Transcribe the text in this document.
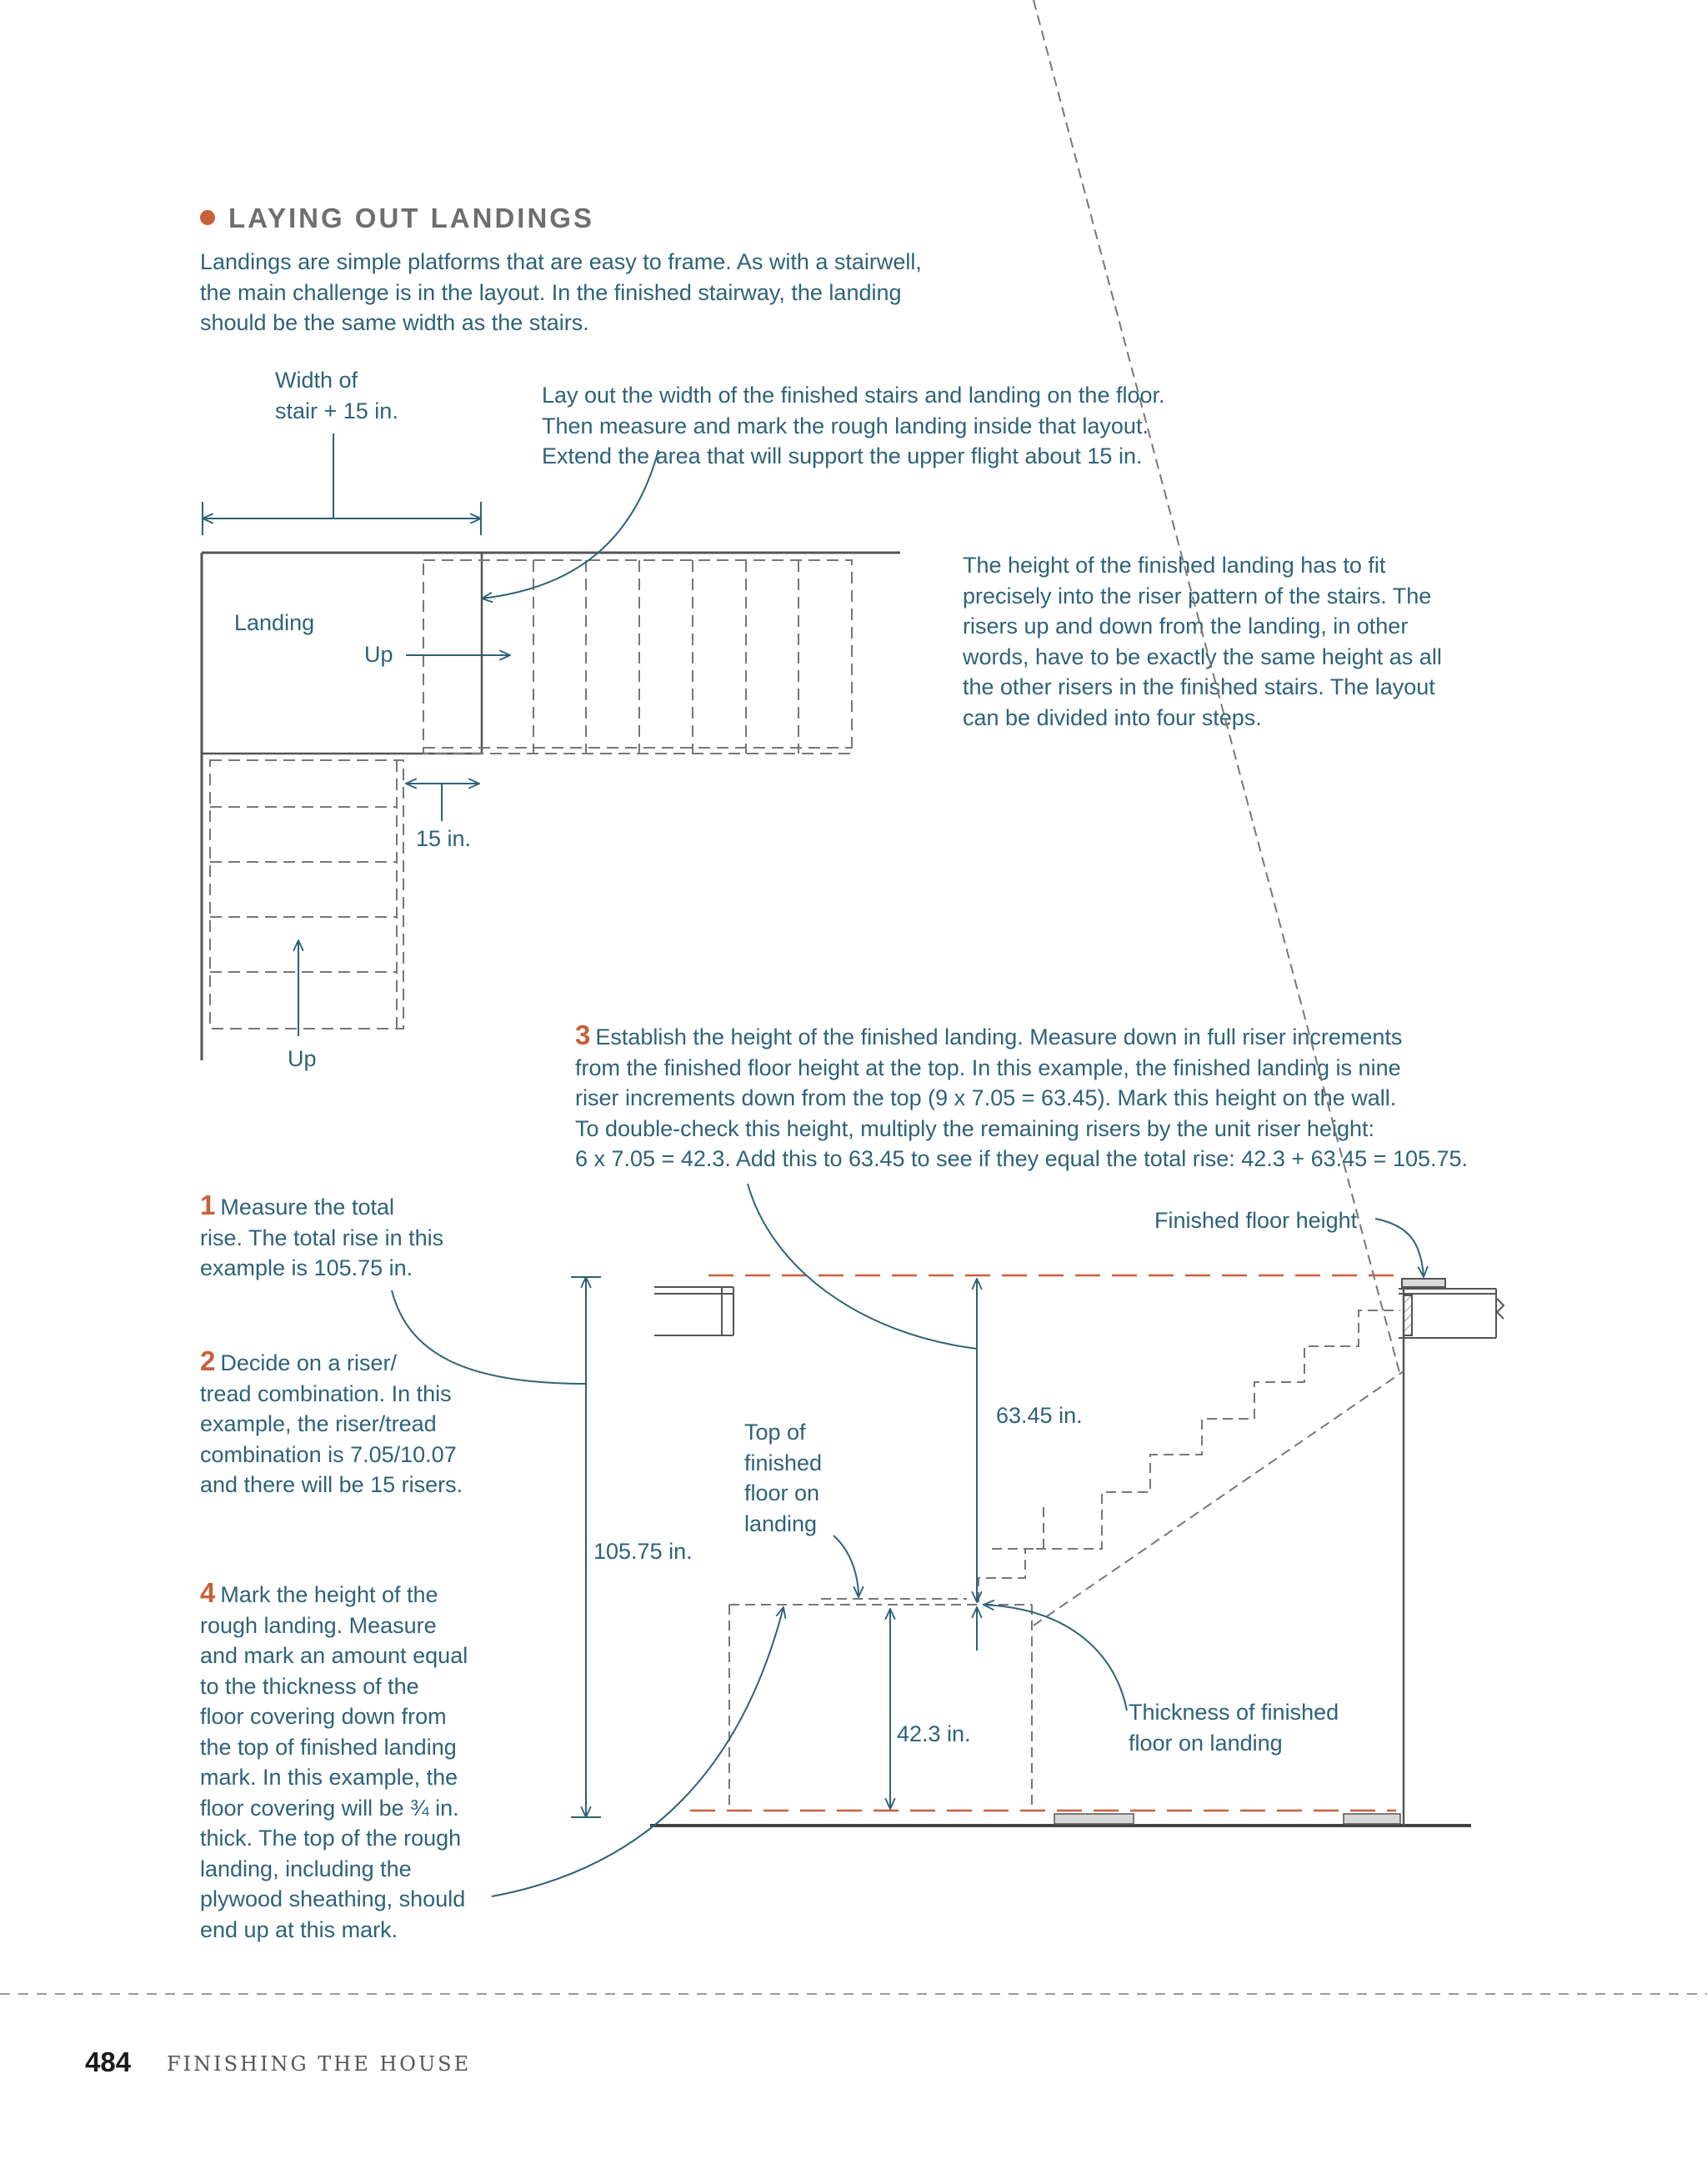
LAYING OUT LANDINGS
Landings are simple platforms that are easy to frame. As with a stairwell,
the main challenge is in the layout. In the finished stairway, the landing
should be the same width as the stairs.
Width of
stair + 15 in.
Lay out the width of the finished stairs and landing on the floor.
Then measure and mark the rough landing inside that layout.
Extend the area that will support the upper flight about 15 in.
Landing
Up
Up
15 in.
The height of the finished landing has to fit
precisely into the riser pattern of the stairs. The
risers up and down from the landing, in other
words, have to be exactly the same height as all
the other risers in the finished stairs. The layout
can be divided into four steps.
1 Measure the total
rise. The total rise in this
example is 105.75 in.
2 Decide on a riser/
tread combination. In this
example, the riser/tread
combination is 7.05/10.07
and there will be 15 risers.
3 Establish the height of the finished landing. Measure down in full riser increments
from the finished floor height at the top. In this example, the finished landing is nine
riser increments down from the top (9 x 7.05 = 63.45). Mark this height on the wall.
To double-check this height, multiply the remaining risers by the unit riser height:
6 x 7.05 = 42.3. Add this to 63.45 to see if they equal the total rise: 42.3 + 63.45 = 105.75.
4 Mark the height of the
rough landing. Measure
and mark an amount equal
to the thickness of the
floor covering down from
the top of finished landing
mark. In this example, the
floor covering will be ¾ in.
thick. The top of the rough
landing, including the
plywood sheathing, should
end up at this mark.
Finished floor height
105.75 in.
63.45 in.
42.3 in.
Top of
finished
floor on
landing
Thickness of finished
floor on landing
484 FINISHING THE HOUSE
